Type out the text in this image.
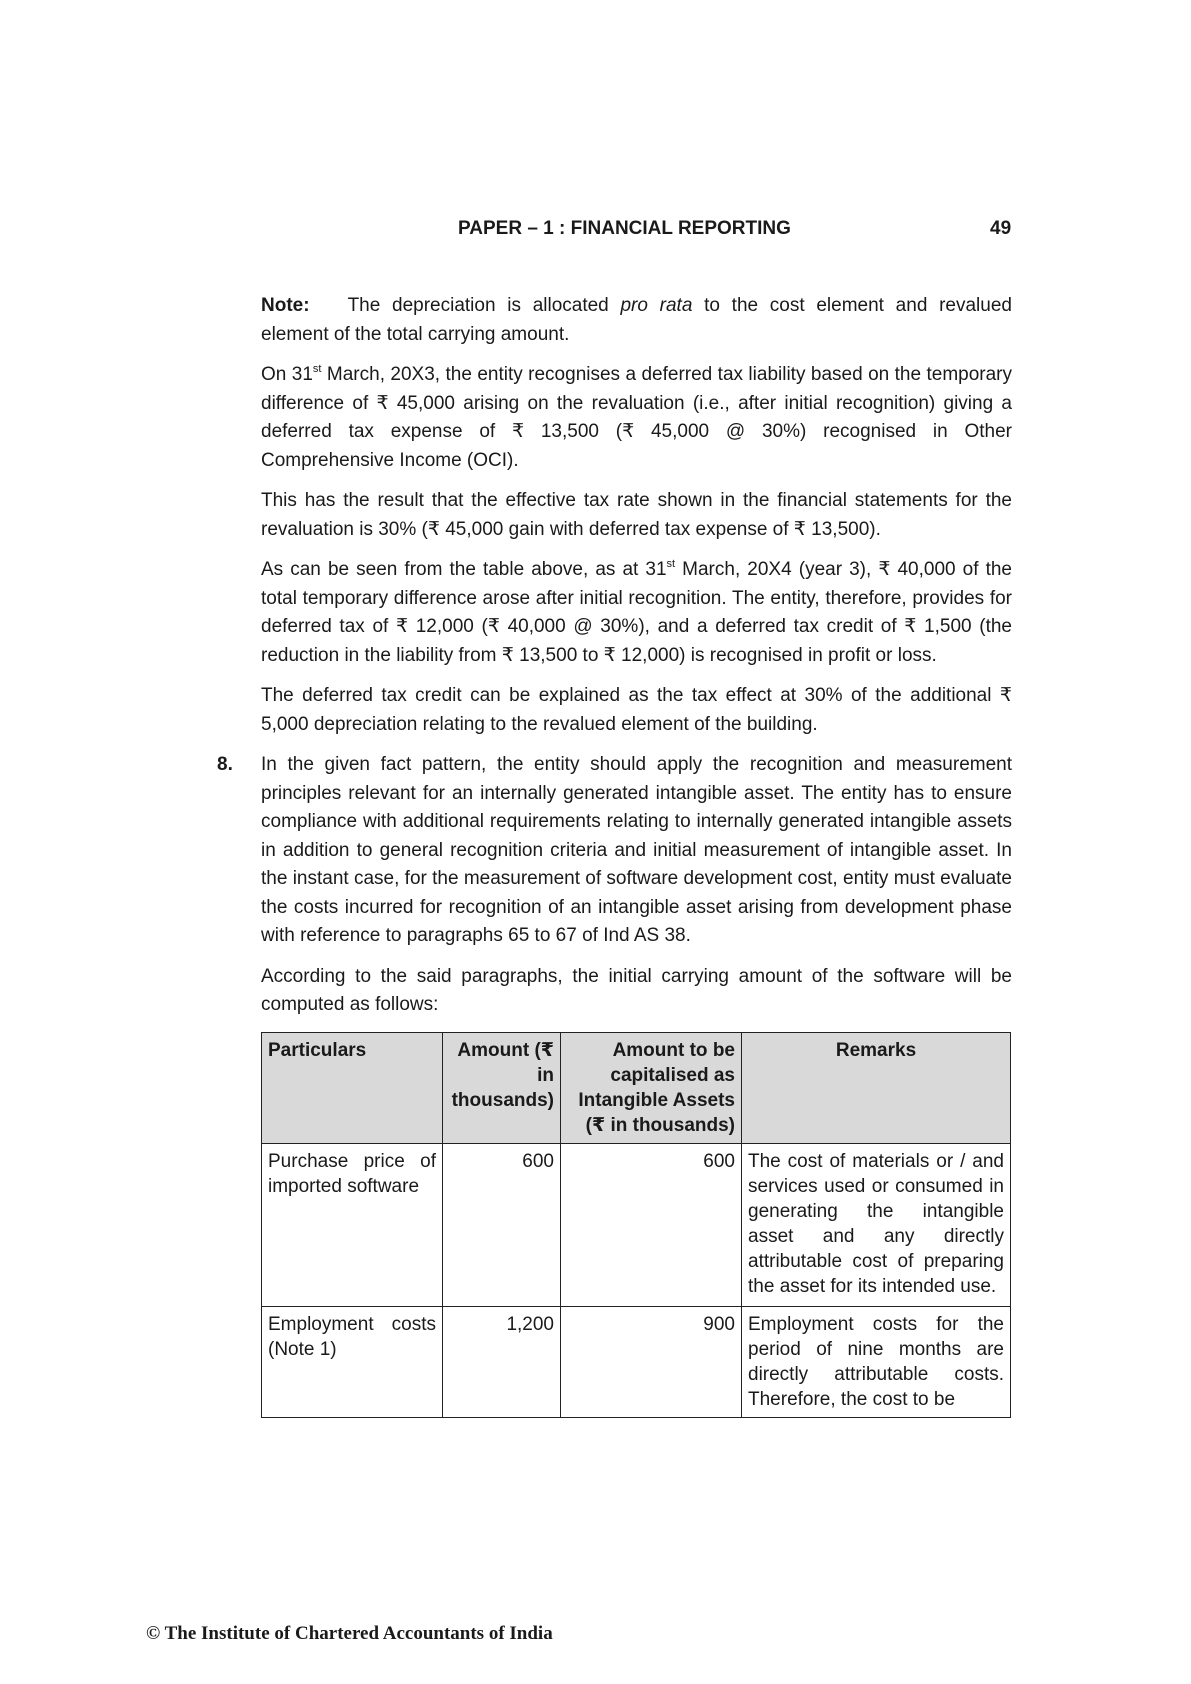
PAPER – 1 : FINANCIAL REPORTING	49

Note: The depreciation is allocated pro rata to the cost element and revalued element of the total carrying amount.

On 31st March, 20X3, the entity recognises a deferred tax liability based on the temporary difference of ₹ 45,000 arising on the revaluation (i.e., after initial recognition) giving a deferred tax expense of ₹ 13,500 (₹ 45,000 @ 30%) recognised in Other Comprehensive Income (OCI).

This has the result that the effective tax rate shown in the financial statements for the revaluation is 30% (₹ 45,000 gain with deferred tax expense of ₹ 13,500).

As can be seen from the table above, as at 31st March, 20X4 (year 3), ₹ 40,000 of the total temporary difference arose after initial recognition. The entity, therefore, provides for deferred tax of ₹ 12,000 (₹ 40,000 @ 30%), and a deferred tax credit of ₹ 1,500 (the reduction in the liability from ₹ 13,500 to ₹ 12,000) is recognised in profit or loss.

The deferred tax credit can be explained as the tax effect at 30% of the additional ₹ 5,000 depreciation relating to the revalued element of the building.

8. In the given fact pattern, the entity should apply the recognition and measurement principles relevant for an internally generated intangible asset. The entity has to ensure compliance with additional requirements relating to internally generated intangible assets in addition to general recognition criteria and initial measurement of intangible asset. In the instant case, for the measurement of software development cost, entity must evaluate the costs incurred for recognition of an intangible asset arising from development phase with reference to paragraphs 65 to 67 of Ind AS 38.

According to the said paragraphs, the initial carrying amount of the software will be computed as follows:

Particulars	Amount (₹ in thousands)	Amount to be capitalised as Intangible Assets (₹ in thousands)	Remarks
Purchase price of imported software	600	600	The cost of materials or / and services used or consumed in generating the intangible asset and any directly attributable cost of preparing the asset for its intended use.
Employment costs (Note 1)	1,200	900	Employment costs for the period of nine months are directly attributable costs. Therefore, the cost to be
© The Institute of Chartered Accountants of India
